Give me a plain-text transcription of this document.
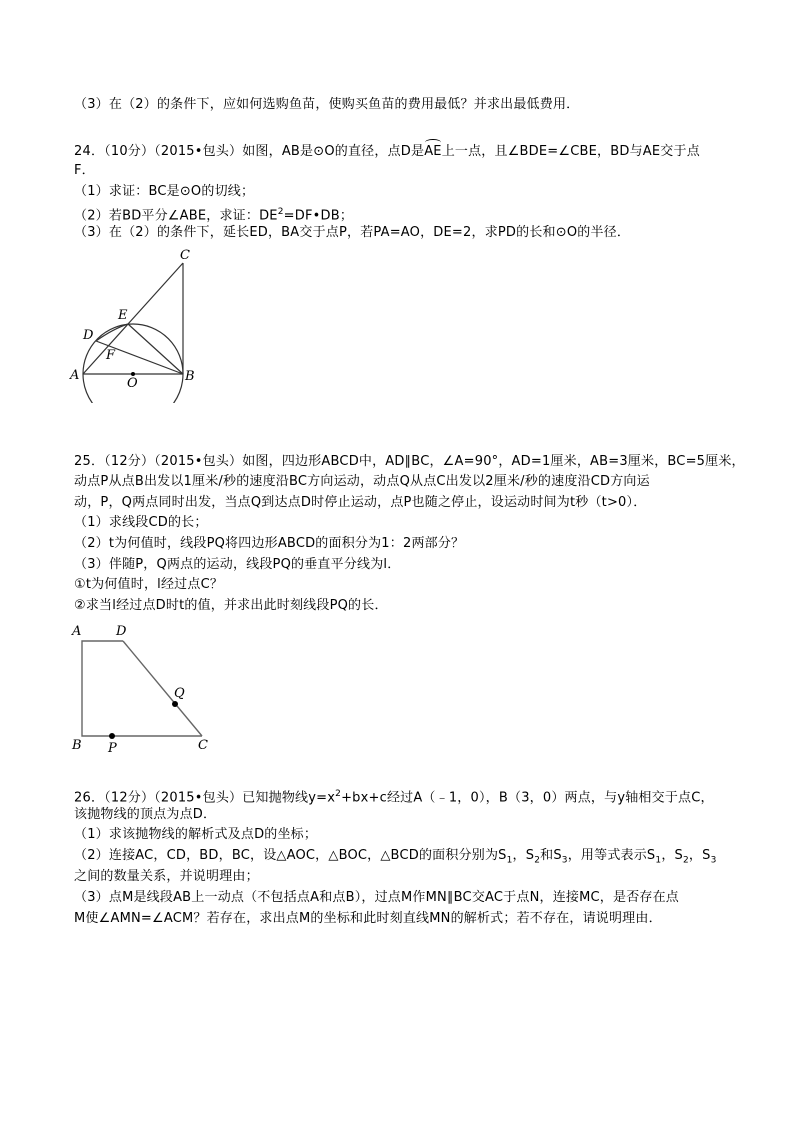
（3）在（2）的条件下，应如何选购鱼苗，使购买鱼苗的费用最低？并求出最低费用．
24．（10分）（2015•包头）如图，AB是⊙O的直径，点D是AE上一点，且∠BDE=∠CBE，BD与AE交于点
F．
（1）求证：BC是⊙O的切线；
（2）若BD平分∠ABE，求证：$DE^2=DF•DB$；
（3）在（2）的条件下，延长ED，BA交于点P，若PA=AO，DE=2，求PD的长和⊙O的半径．
C
E
D
F
A
O	B
25．（12分）（2015•包头）如图，四边形ABCD中，AD∥BC，∠A=90°，AD=1厘米，AB=3厘米，BC=5厘米，
动点P从点B出发以1厘米/秒的速度沿BC方向运动，动点Q从点C出发以2厘米/秒的速度沿CD方向运
动，P，Q两点同时出发，当点Q到达点D时停止运动，点P也随之停止，设运动时间为t秒（t>0）．
（1）求线段CD的长；
（2）t为何值时，线段PQ将四边形ABCD的面积分为1：2两部分？
（3）伴随P，Q两点的运动，线段PQ的垂直平分线为l．
①t为何值时，l经过点C？
②求当l经过点D时t的值，并求出此时刻线段PQ的长．
A	D
Q
B P	C
26．（12分）（2015•包头）已知抛物线$y=x^2+bx+c$经过A（﹣1，0），B（3，0）两点，与y轴相交于点C，
该抛物线的顶点为点D．
（1）求该抛物线的解析式及点D的坐标；
（2）连接AC，CD，BD，BC，设△AOC，△BOC，△BCD的面积分别为$S_1$，$S_2$和$S_3$，用等式表示$S_1$，$S_2$，$S_3$
之间的数量关系，并说明理由；
（3）点M是线段AB上一动点（不包括点A和点B），过点M作MN∥BC交AC于点N，连接MC，是否存在点
M使∠AMN=∠ACM？若存在，求出点M的坐标和此时刻直线MN的解析式；若不存在，请说明理由．
